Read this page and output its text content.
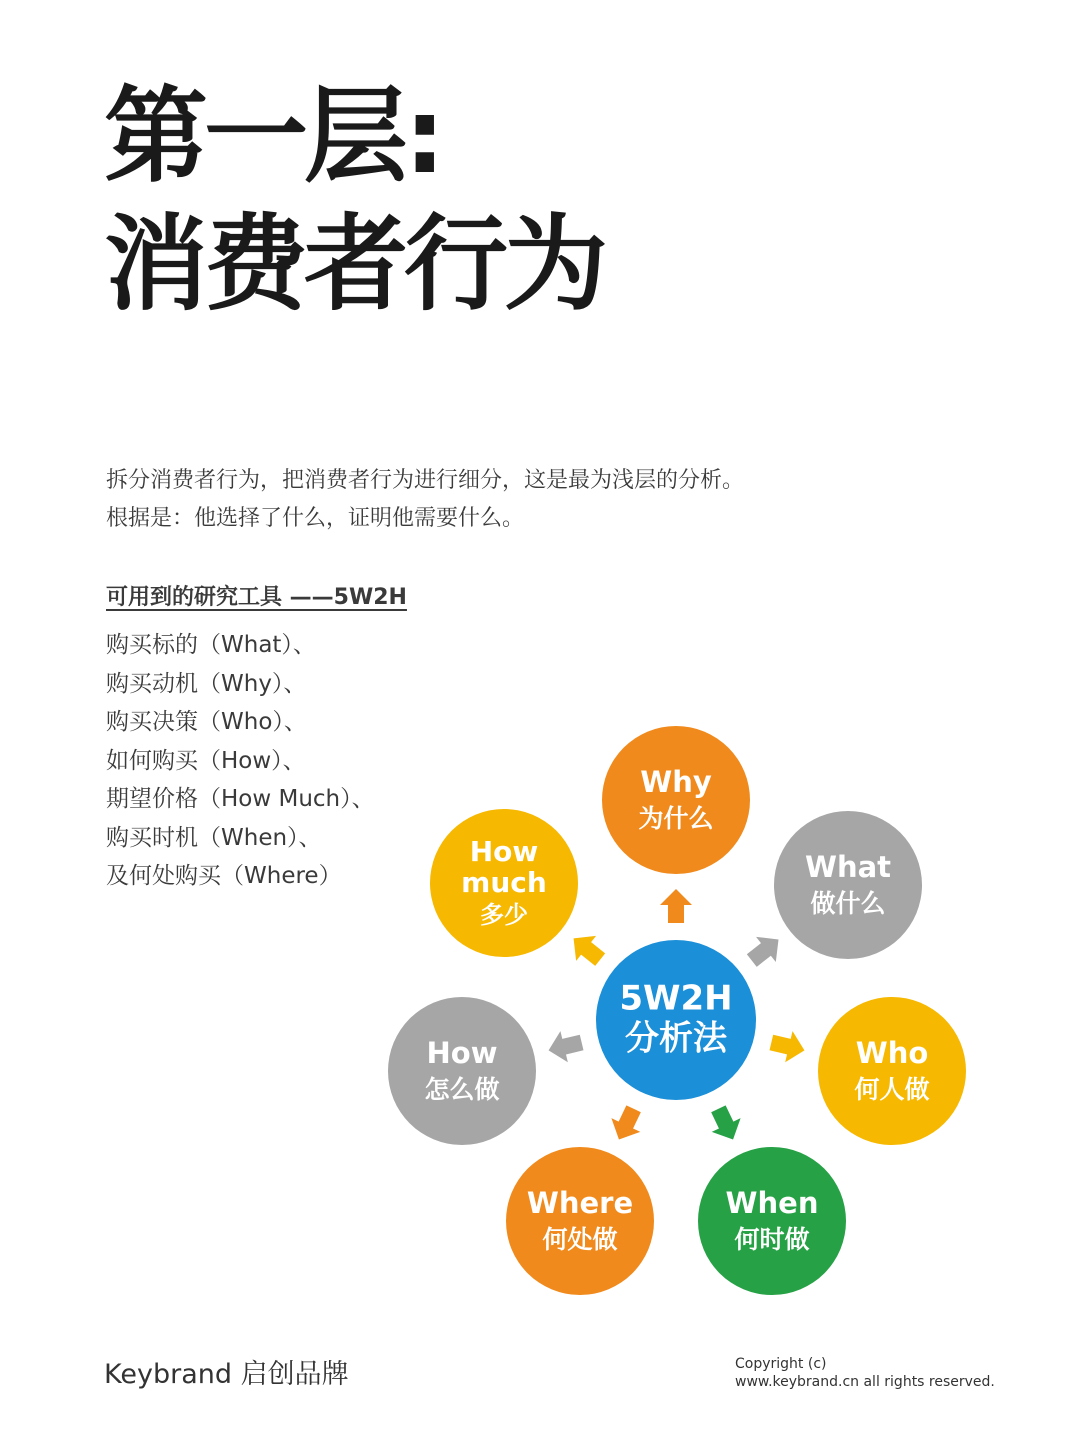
第一层:
消费者行为
拆分消费者行为，把消费者行为进行细分，这是最为浅层的分析。
根据是：他选择了什么，证明他需要什么。
可用到的研究工具 ——5W2H
购买标的（What）、
购买动机（Why）、
购买决策（Who）、
如何购买（How）、
期望价格（How Much）、
购买时机（When）、
及何处购买（Where）
Why
为什么
What
做什么
Who
何人做
When
何时做
Where
何处做
How
怎么做
How
much
多少
5W2H
分析法
Keybrand 启创品牌	Copyright (c)
www.keybrand.cn all rights reserved.
